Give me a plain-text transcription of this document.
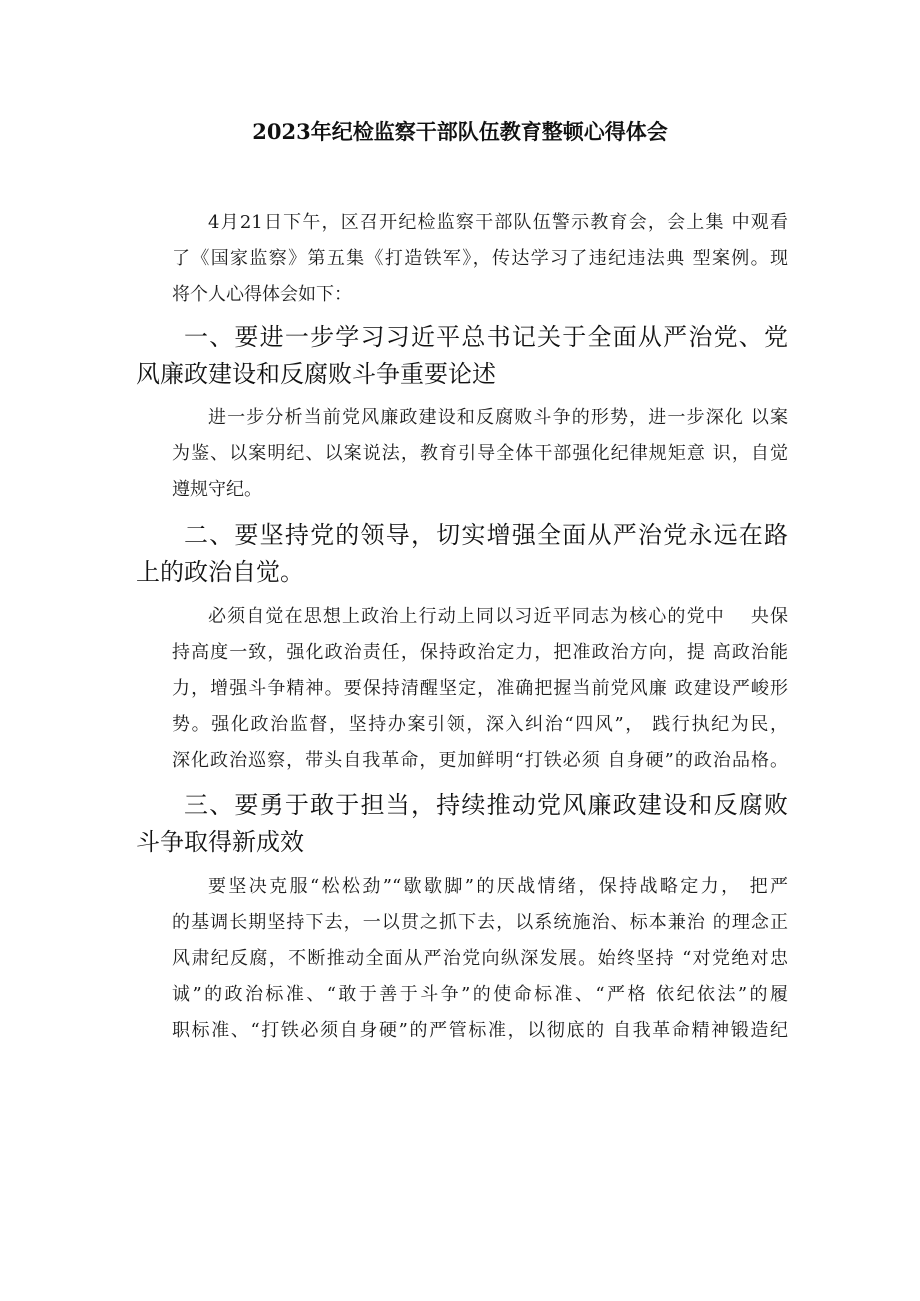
2023年纪检监察干部队伍教育整顿心得体会
4月21日下午，区召开纪检监察干部队伍警示教育会，会上集 中观看
了《国家监察》第五集《打造铁军》，传达学习了违纪违法典 型案例。现
将个人心得体会如下：
一、要进一步学习习近平总书记关于全面从严治党、党
风廉政建设和反腐败斗争重要论述
进一步分析当前党风廉政建设和反腐败斗争的形势，进一步深化 以案
为鉴、以案明纪、以案说法，教育引导全体干部强化纪律规矩意 识，自觉
遵规守纪。
二、要坚持党的领导，切实增强全面从严治党永远在路
上的政治自觉。
必须自觉在思想上政治上行动上同以习近平同志为核心的党中　 央保
持高度一致，强化政治责任，保持政治定力，把准政治方向，提 高政治能
力，增强斗争精神。要保持清醒坚定，准确把握当前党风廉 政建设严峻形
势。强化政治监督，坚持办案引领，深入纠治“四风”， 践行执纪为民，
深化政治巡察，带头自我革命，更加鲜明“打铁必须 自身硬”的政治品格。
三、要勇于敢于担当，持续推动党风廉政建设和反腐败
斗争取得新成效
要坚决克服“松松劲”“歇歇脚”的厌战情绪，保持战略定力， 把严
的基调长期坚持下去，一以贯之抓下去，以系统施治、标本兼治 的理念正
风肃纪反腐，不断推动全面从严治党向纵深发展。始终坚持 “对党绝对忠
诚”的政治标准、“敢于善于斗争”的使命标准、“严格 依纪依法”的履
职标准、“打铁必须自身硬”的严管标准，以彻底的 自我革命精神锻造纪
